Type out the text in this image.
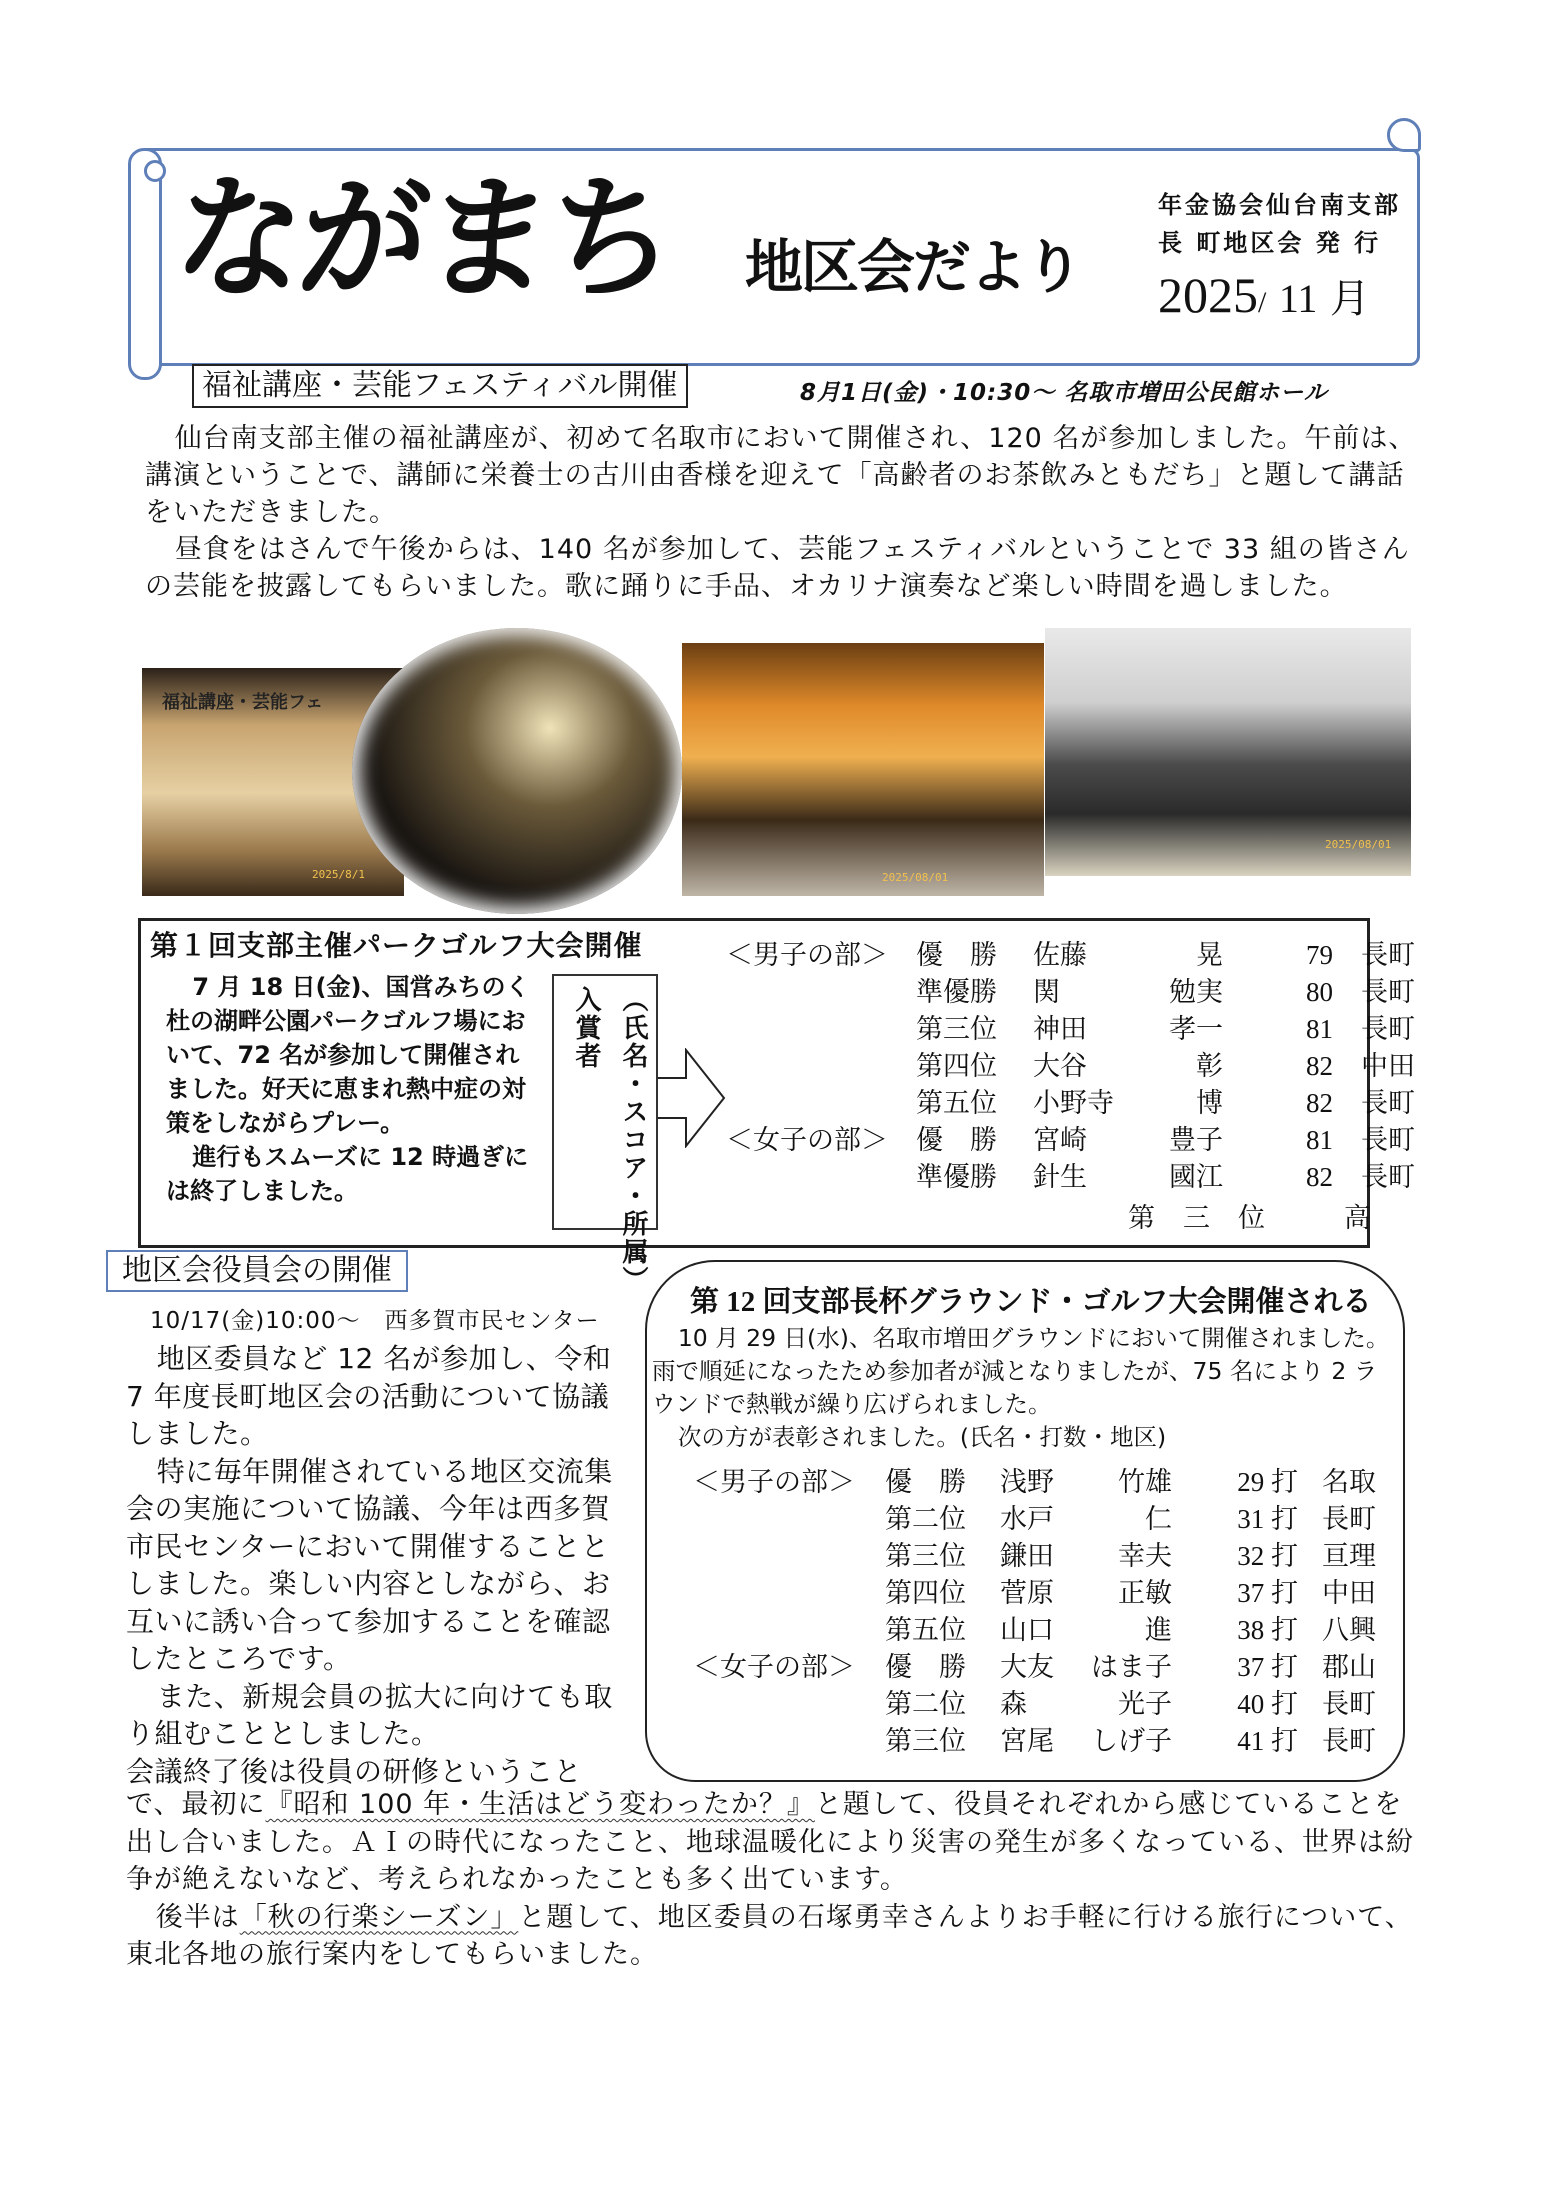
ながまち 地区会だより
年金協会仙台南支部
長 町地区会 発 行
2025/ 11 月
福祉講座・芸能フェスティバル開催	8月1日(金)・10:30～ 名取市増田公民館ホール

仙台南支部主催の福祉講座が、初めて名取市において開催され、120 名が参加しました。午前は、講演ということで、講師に栄養士の古川由香様を迎えて「高齢者のお茶飲みともだち」と題して講話をいただきました。

昼食をはさんで午後からは、140 名が参加して、芸能フェスティバルということで 33 組の皆さんの芸能を披露してもらいました。歌に踊りに手品、オカリナ演奏など楽しい時間を過しました。

福祉講座・芸能フェ
2025/8/1	2025/08/01
2025/08/01
第１回支部主催パークゴルフ大会開催

7 月 18 日(金)、国営みちのく杜の湖畔公園パークゴルフ場において、72 名が参加して開催されました。好天に恵まれ熱中症の対策をしながらプレー。

進行もスムーズに 12 時過ぎには終了しました。

入賞者 （氏名・スコア・所属）
＜男子の部＞	優　勝	佐藤	晃	79	長町
	準優勝	関	勉実	80	長町
	第三位	神田	孝一	81	長町
	第四位	大谷	彰	82	中田
	第五位	小野寺	博	82	長町
＜女子の部＞	優　勝	宮崎	豊子	81	長町
	準優勝	針生	國江	82	長町
第三位 高
地区会役員会の開催
10/17(金)10:00～　西多賀市民センター

地区委員など 12 名が参加し、令和 7 年度長町地区会の活動について協議しました。

特に毎年開催されている地区交流集会の実施について協議、今年は西多賀市民センターにおいて開催することとしました。楽しい内容としながら、お互いに誘い合って参加することを確認したところです。

また、新規会員の拡大に向けても取り組むこととしました。

会議終了後は役員の研修ということ

第 12 回支部長杯グラウンド・ゴルフ大会開催される

10 月 29 日(水)、名取市増田グラウンドにおいて開催されました。雨で順延になったため参加者が減となりましたが、75 名により 2 ラウンドで熱戦が繰り広げられました。

次の方が表彰されました。(氏名・打数・地区)

＜男子の部＞	優　勝	浅野	竹雄	29 打	名取
	第二位	水戸	仁	31 打	長町
	第三位	鎌田	幸夫	32 打	亘理
	第四位	菅原	正敏	37 打	中田
	第五位	山口	進	38 打	八興
＜女子の部＞	優　勝	大友	はま子	37 打	郡山
	第二位	森	光子	40 打	長町
	第三位	宮尾	しげ子	41 打	長町

で、最初に『昭和 100 年・生活はどう変わったか？』と題して、役員それぞれから感じていることを出し合いました。ＡＩの時代になったこと、地球温暖化により災害の発生が多くなっている、世界は紛争が絶えないなど、考えられなかったことも多く出ています。

後半は「秋の行楽シーズン」と題して、地区委員の石塚勇幸さんよりお手軽に行ける旅行について、東北各地の旅行案内をしてもらいました。
